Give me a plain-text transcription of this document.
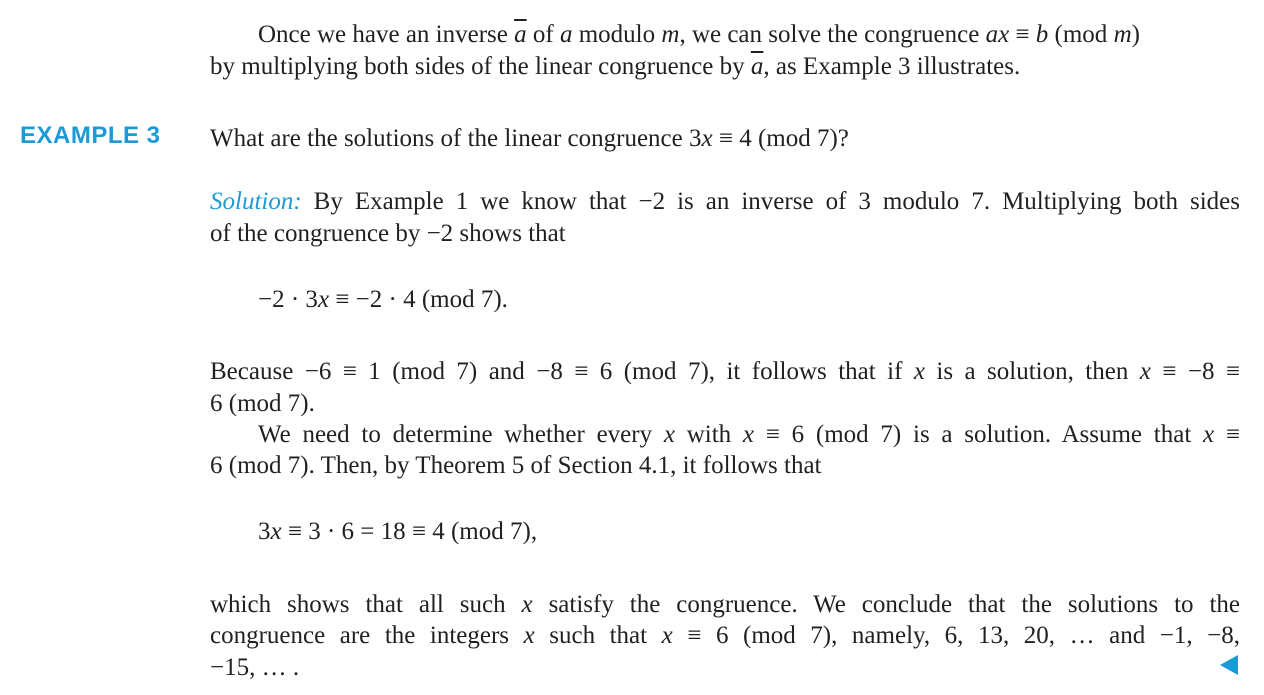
Once we have an inverse $\overline{a}$ of a modulo m, we can solve the congruence ax ≡ b (mod m)
by multiplying both sides of the linear congruence by $\overline{a}$, as Example 3 illustrates.
EXAMPLE 3 What are the solutions of the linear congruence 3x ≡ 4 (mod 7)?
Solution: By Example 1 we know that −2 is an inverse of 3 modulo 7. Multiplying both sides
of the congruence by −2 shows that
−2 · 3x ≡ −2 · 4 (mod 7).
Because −6 ≡ 1 (mod 7) and −8 ≡ 6 (mod 7), it follows that if x is a solution, then x ≡ −8 ≡
6 (mod 7).
We need to determine whether every x with x ≡ 6 (mod 7) is a solution. Assume that x ≡
6 (mod 7). Then, by Theorem 5 of Section 4.1, it follows that
3x ≡ 3 · 6 = 18 ≡ 4 (mod 7),
which shows that all such x satisfy the congruence. We conclude that the solutions to the
congruence are the integers x such that x ≡ 6 (mod 7), namely, 6, 13, 20, … and −1, −8,
−15, … .
